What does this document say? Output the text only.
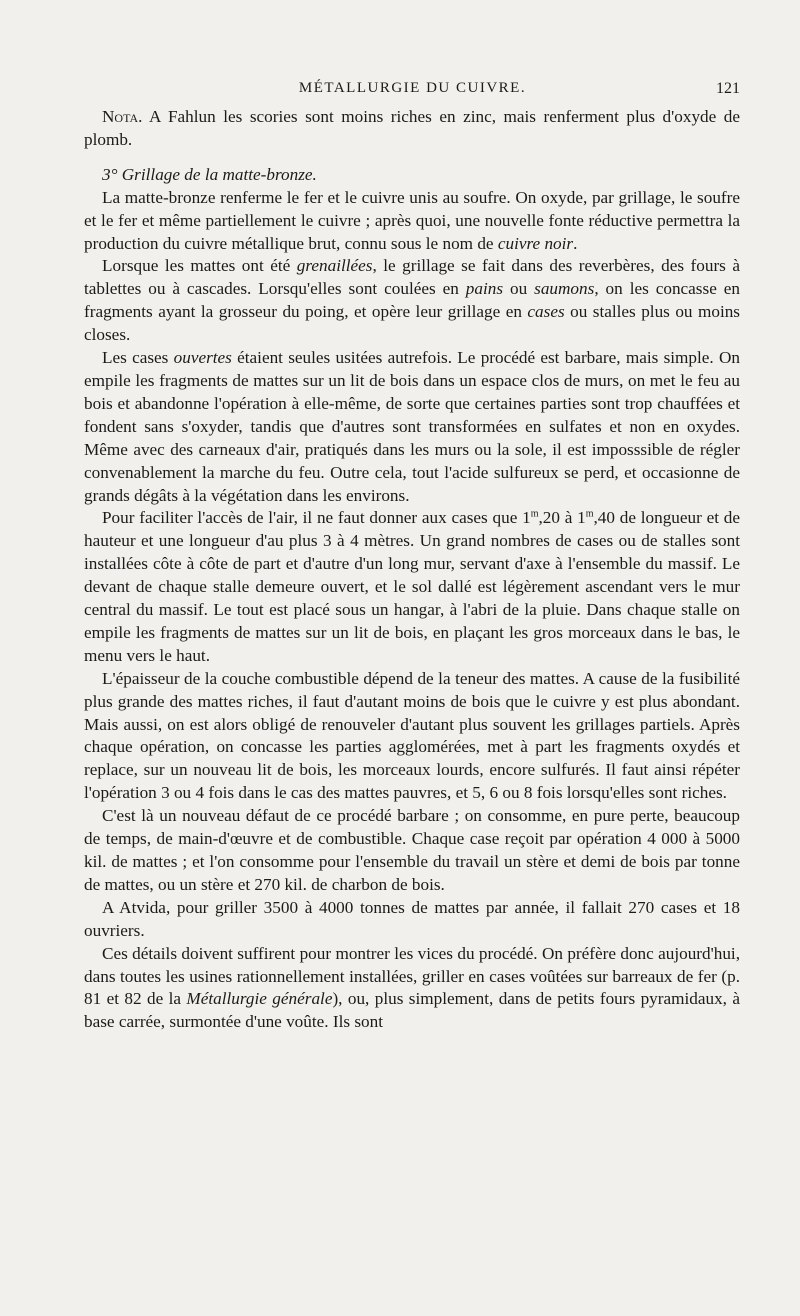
MÉTALLURGIE DU CUIVRE.	121

Nota. A Fahlun les scories sont moins riches en zinc, mais renferment plus d'oxyde de plomb.

3° Grillage de la matte-bronze.

La matte-bronze renferme le fer et le cuivre unis au soufre. On oxyde, par grillage, le soufre et le fer et même partiellement le cuivre ; après quoi, une nouvelle fonte réductive permettra la production du cuivre métallique brut, connu sous le nom de cuivre noir.

Lorsque les mattes ont été grenaillées, le grillage se fait dans des reverbères, des fours à tablettes ou à cascades. Lorsqu'elles sont coulées en pains ou saumons, on les concasse en fragments ayant la grosseur du poing, et opère leur grillage en cases ou stalles plus ou moins closes.

Les cases ouvertes étaient seules usitées autrefois. Le procédé est barbare, mais simple. On empile les fragments de mattes sur un lit de bois dans un espace clos de murs, on met le feu au bois et abandonne l'opération à elle-même, de sorte que certaines parties sont trop chauffées et fondent sans s'oxyder, tandis que d'autres sont transformées en sulfates et non en oxydes. Même avec des carneaux d'air, pratiqués dans les murs ou la sole, il est imposssible de régler convenablement la marche du feu. Outre cela, tout l'acide sulfureux se perd, et occasionne de grands dégâts à la végétation dans les environs.

Pour faciliter l'accès de l'air, il ne faut donner aux cases que 1$^m$,20 à 1$^m$,40 de longueur et de hauteur et une longueur d'au plus 3 à 4 mètres. Un grand nombres de cases ou de stalles sont installées côte à côte de part et d'autre d'un long mur, servant d'axe à l'ensemble du massif. Le devant de chaque stalle demeure ouvert, et le sol dallé est légèrement ascendant vers le mur central du massif. Le tout est placé sous un hangar, à l'abri de la pluie. Dans chaque stalle on empile les fragments de mattes sur un lit de bois, en plaçant les gros morceaux dans le bas, le menu vers le haut.

L'épaisseur de la couche combustible dépend de la teneur des mattes. A cause de la fusibilité plus grande des mattes riches, il faut d'autant moins de bois que le cuivre y est plus abondant. Mais aussi, on est alors obligé de renouveler d'autant plus souvent les grillages partiels. Après chaque opération, on concasse les parties agglomérées, met à part les fragments oxydés et replace, sur un nouveau lit de bois, les morceaux lourds, encore sulfurés. Il faut ainsi répéter l'opération 3 ou 4 fois dans le cas des mattes pauvres, et 5, 6 ou 8 fois lorsqu'elles sont riches.

C'est là un nouveau défaut de ce procédé barbare ; on consomme, en pure perte, beaucoup de temps, de main-d'œuvre et de combustible. Chaque case reçoit par opération 4 000 à 5000 kil. de mattes ; et l'on consomme pour l'ensemble du travail un stère et demi de bois par tonne de mattes, ou un stère et 270 kil. de charbon de bois.

A Atvida, pour griller 3500 à 4000 tonnes de mattes par année, il fallait 270 cases et 18 ouvriers.

Ces détails doivent suffirent pour montrer les vices du procédé. On préfère donc aujourd'hui, dans toutes les usines rationnellement installées, griller en cases voûtées sur barreaux de fer (p. 81 et 82 de la Métallurgie générale), ou, plus simplement, dans de petits fours pyramidaux, à base carrée, surmontée d'une voûte. Ils sont
